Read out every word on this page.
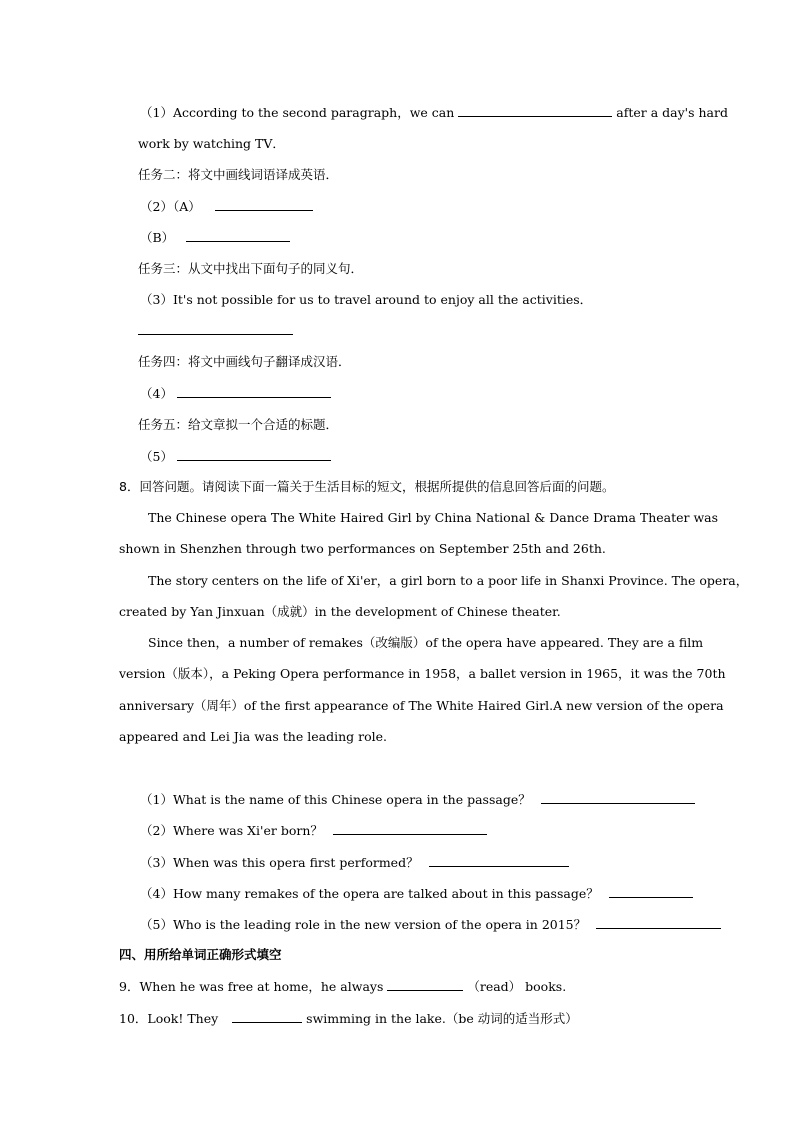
（1）According to the second paragraph，we can	after a day's hard
work by watching TV．
任务二：将文中画线词语译成英语．
（2）（A）
（B）
任务三：从文中找出下面句子的同义句．
（3）It's not possible for us to travel around to enjoy all the activities．
任务四：将文中画线句子翻译成汉语．
（4）
任务五：给文章拟一个合适的标题．
（5）
8．回答问题。请阅读下面一篇关于生活目标的短文，根据所提供的信息回答后面的问题。
The Chinese opera The White Haired Girl by China National & Dance Drama Theater was
shown in Shenzhen through two performances on September 25th and 26th.
The story centers on the life of Xi'er，a girl born to a poor life in Shanxi Province. The opera，
created by Yan Jinxuan（成就）in the development of Chinese theater.
Since then，a number of remakes（改编版）of the opera have appeared. They are a film
version（版本），a Peking Opera performance in 1958，a ballet version in 1965，it was the 70th
anniversary（周年）of the first appearance of The White Haired Girl.A new version of the opera
appeared and Lei Jia was the leading role.
（1）What is the name of this Chinese opera in the passage？
（2）Where was Xi'er born？
（3）When was this opera first performed？
（4）How many remakes of the opera are talked about in this passage？
（5）Who is the leading role in the new version of the opera in 2015？
四、用所给单词正确形式填空
9．When he was free at home，he always	（read） books.
10．Look! They	swimming in the lake.（be 动词的适当形式）
